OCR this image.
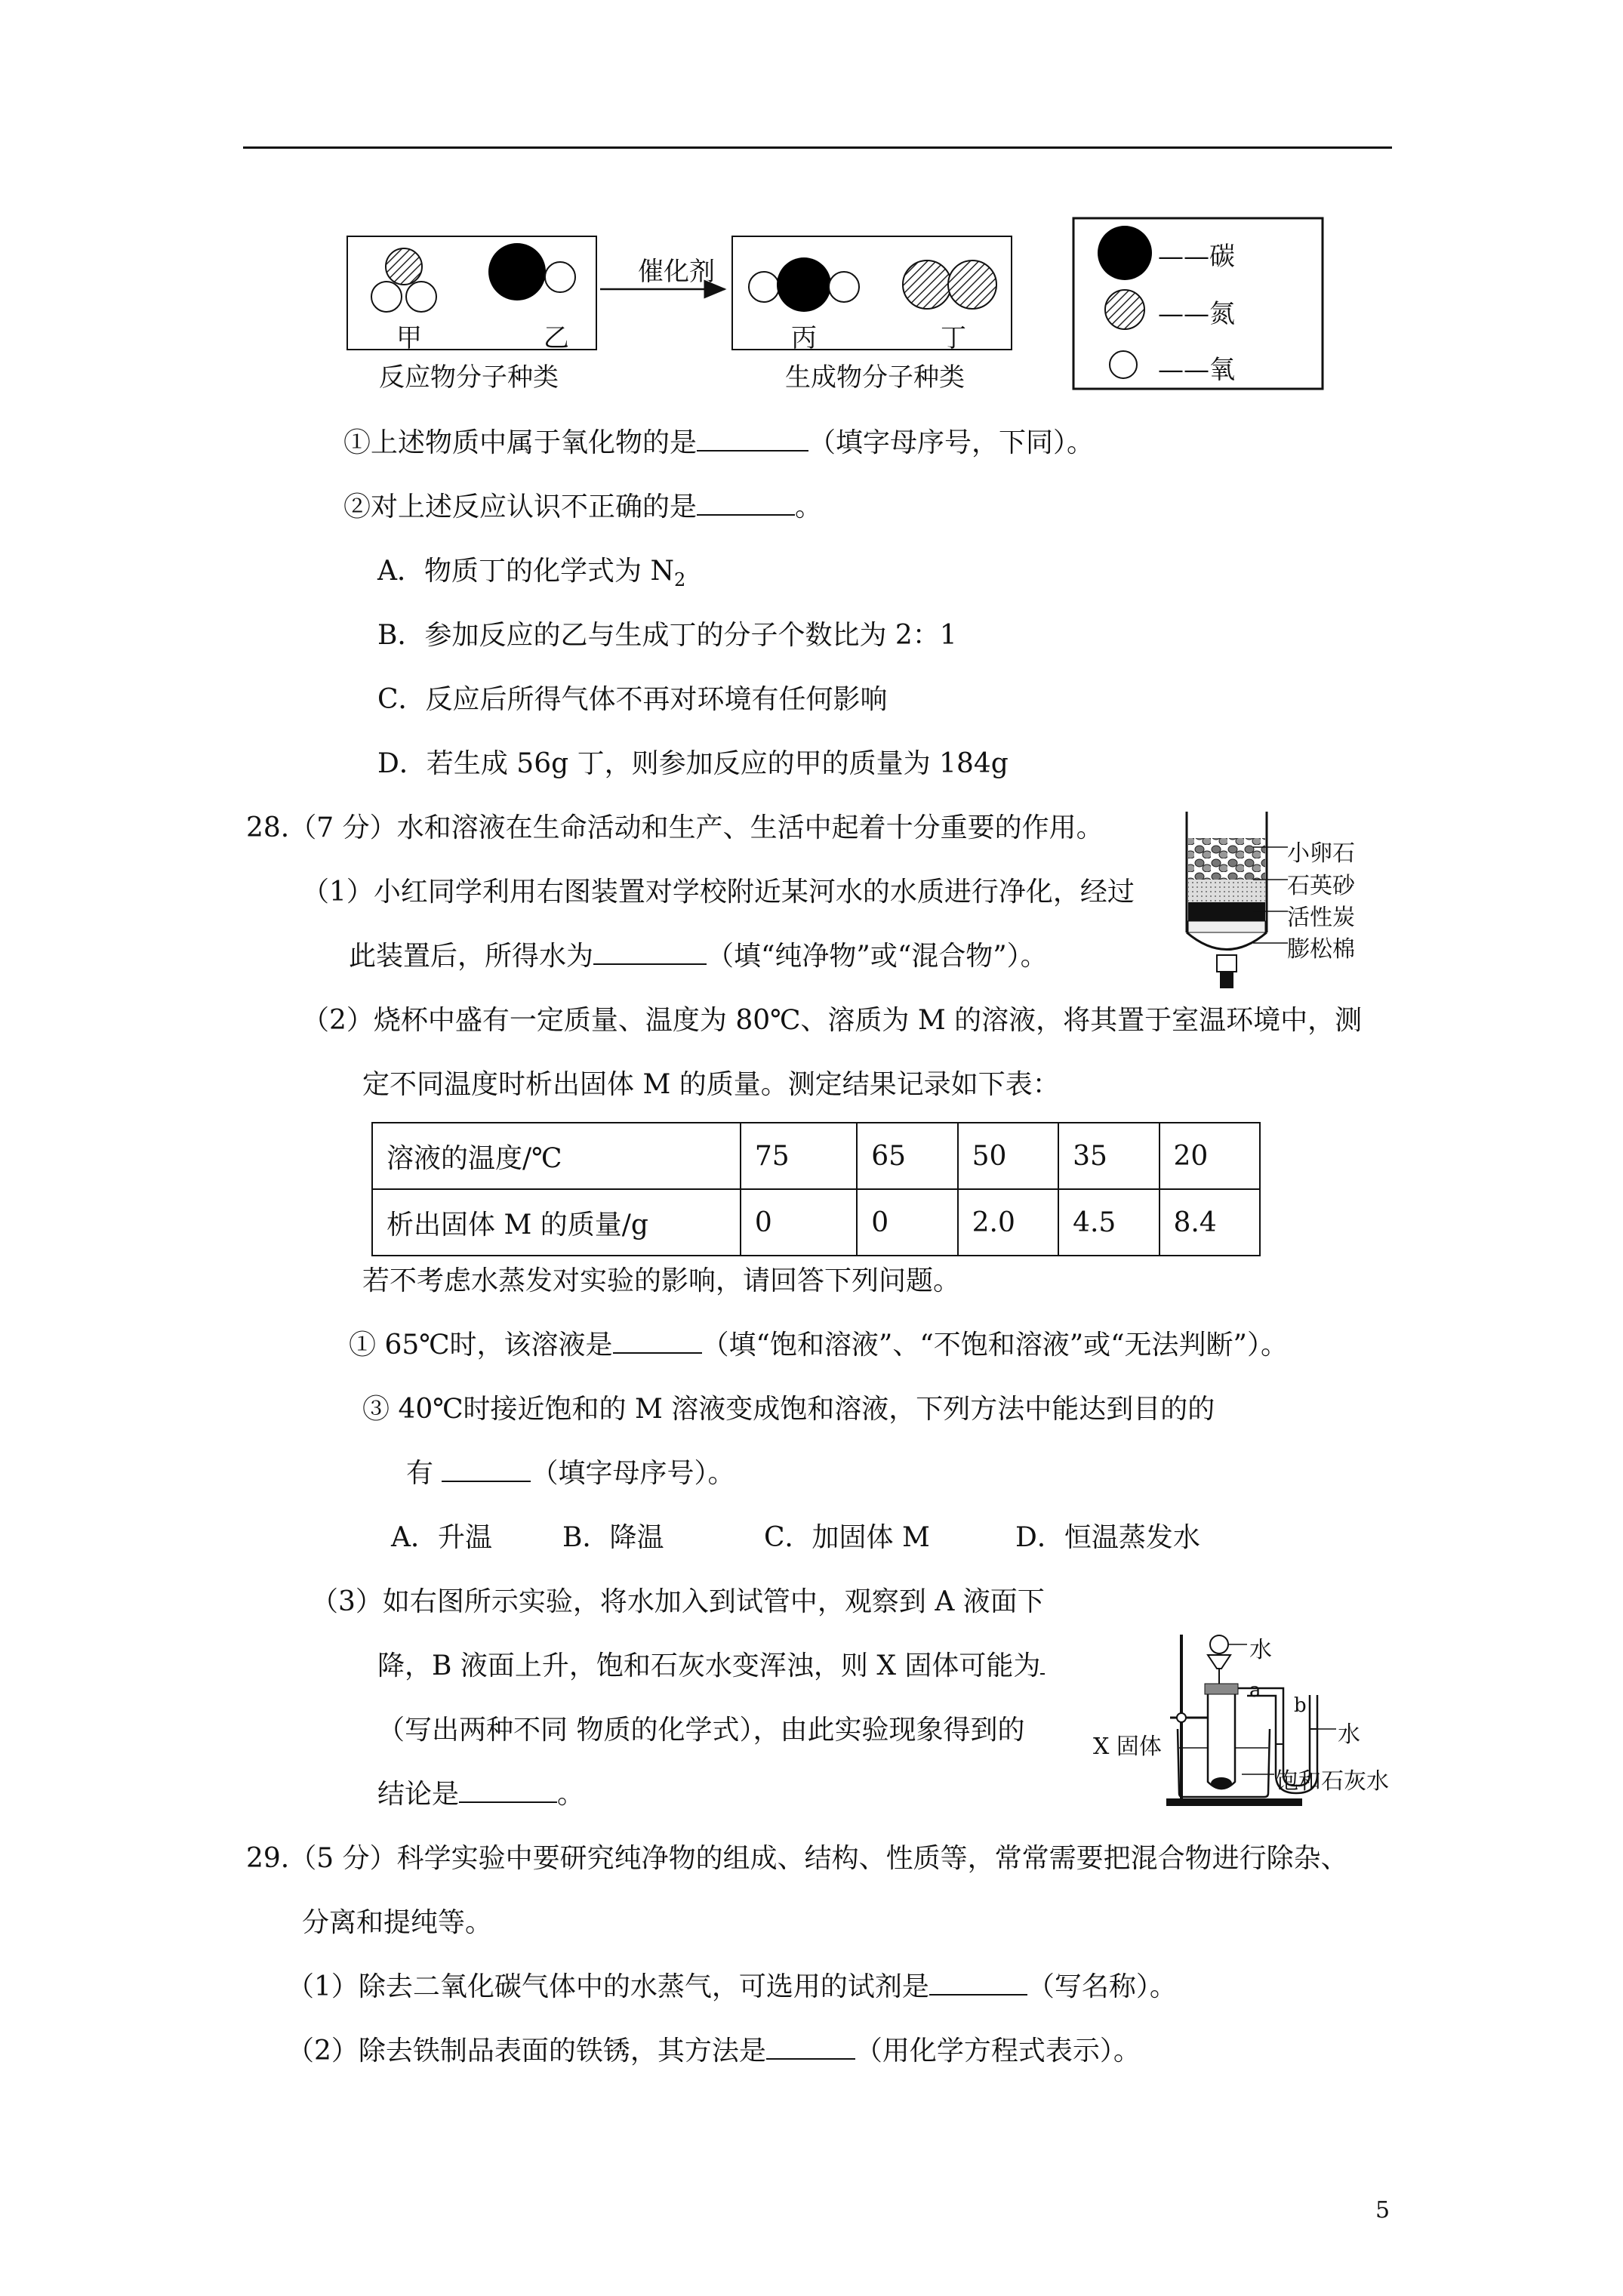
催化剂
甲	乙	丙	丁
反应物分子种类	生成物分子种类
——碳
——氮
——氧
①上述物质中属于氧化物的是	（填字母序号，下同）。
②对上述反应认识不正确的是	。
A．物质丁的化学式为 $N_2$
B．参加反应的乙与生成丁的分子个数比为 2：1
C．反应后所得气体不再对环境有任何影响
D．若生成 56g 丁，则参加反应的甲的质量为 184g
28.（7 分）水和溶液在生命活动和生产、生活中起着十分重要的作用。
（1）小红同学利用右图装置对学校附近某河水的水质进行净化，经过
此装置后，所得水为	（填“纯净物”或“混合物”）。
小卵石
石英砂
活性炭
膨松棉
（2）烧杯中盛有一定质量、温度为 80℃、溶质为 M 的溶液，将其置于室温环境中，测
定不同温度时析出固体 M 的质量。测定结果记录如下表：
溶液的温度/℃	75	65	50	35	20
析出固体 M 的质量/g	0	0	2.0	4.5	8.4
若不考虑水蒸发对实验的影响，请回答下列问题。
① 65℃时，该溶液是	（填“饱和溶液”、“不饱和溶液”或“无法判断”）。
③ 40℃时接近饱和的 M 溶液变成饱和溶液，下列方法中能达到目的的
有	（填字母序号）。
A．升温	B．降温	C．加固体 M	D．恒温蒸发水
（3）如右图所示实验，将水加入到试管中，观察到 A 液面下
降，B 液面上升，饱和石灰水变浑浊，则 X 固体可能为
（写出两种不同 物质的化学式），由此实验现象得到的
结论是	。
水
a
b
水
X 固体
饱和石灰水
29.（5 分）科学实验中要研究纯净物的组成、结构、性质等，常常需要把混合物进行除杂、
分离和提纯等。
（1）除去二氧化碳气体中的水蒸气，可选用的试剂是	（写名称）。
（2）除去铁制品表面的铁锈，其方法是	（用化学方程式表示）。
5
